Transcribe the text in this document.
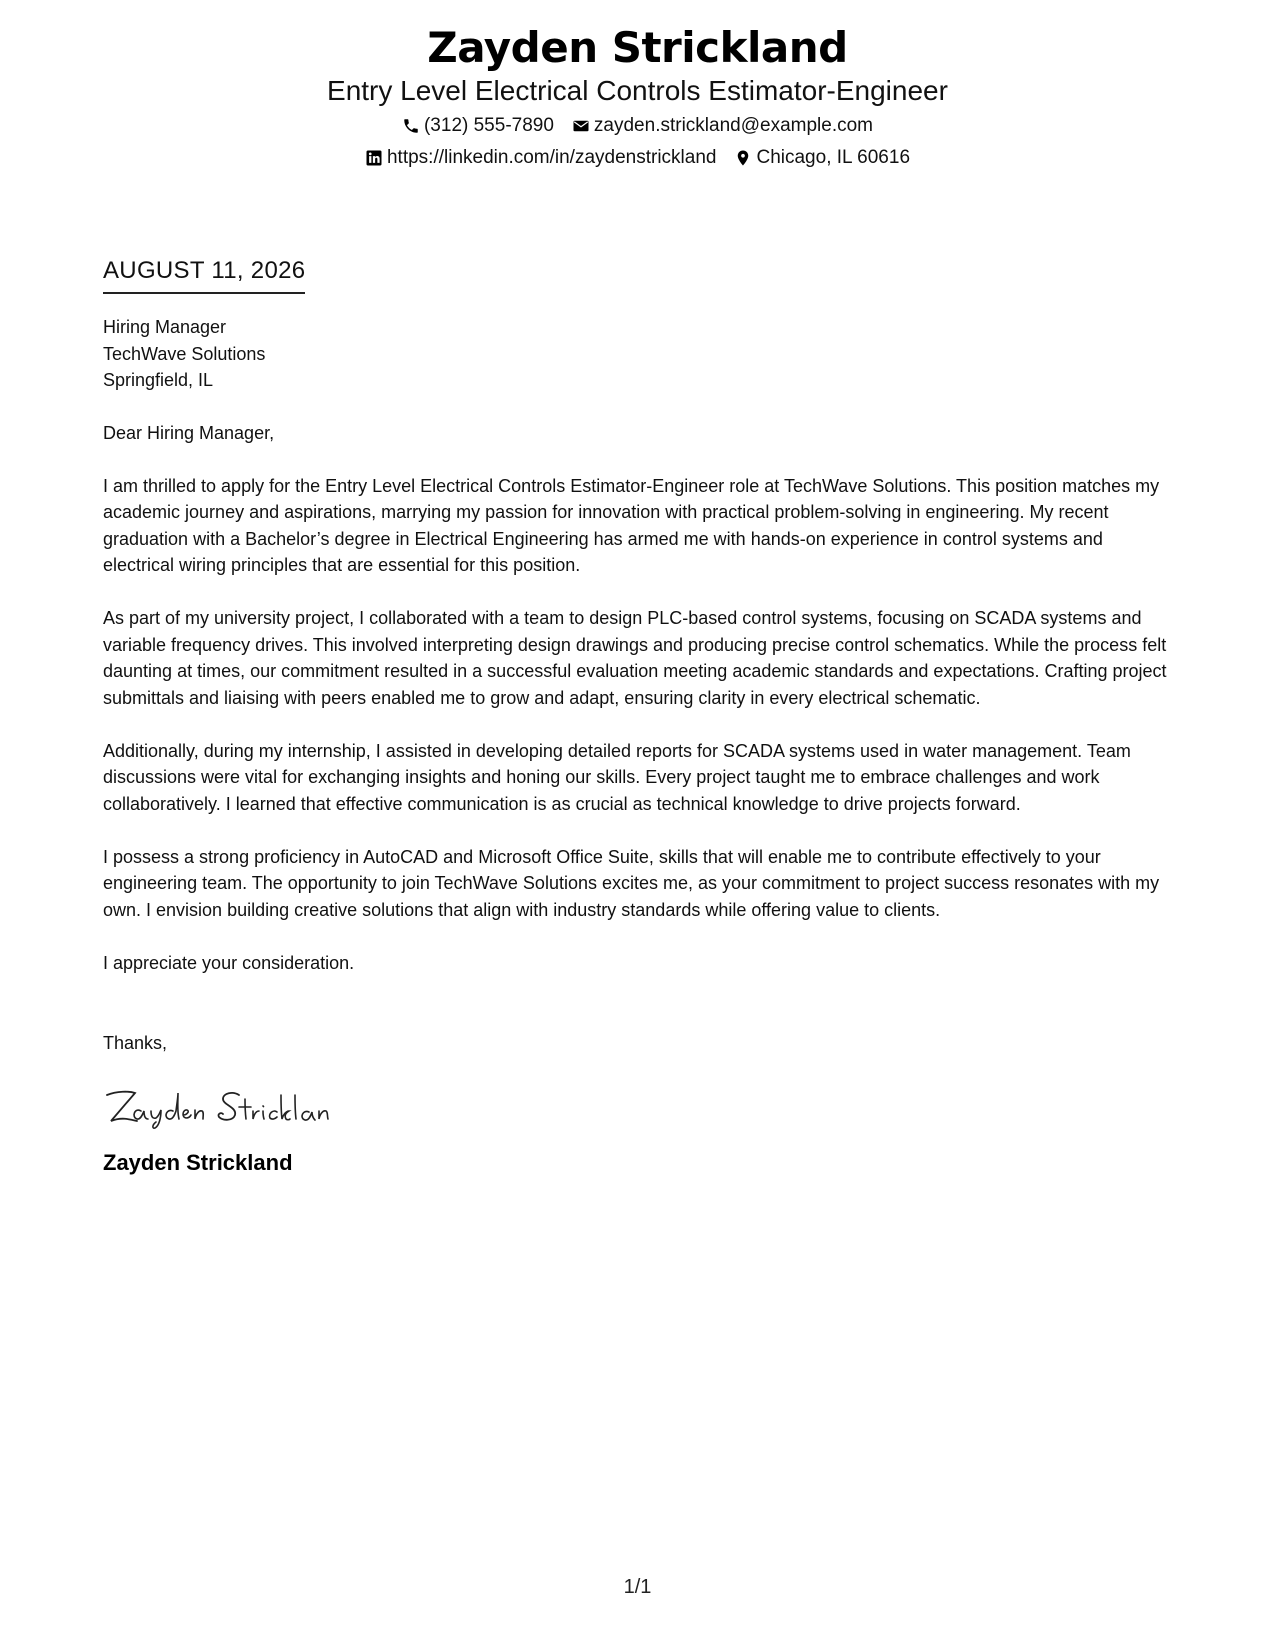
Zayden Strickland
Entry Level Electrical Controls Estimator-Engineer
(312) 555-7890 zayden.strickland@example.com
https://linkedin.com/in/zaydenstrickland Chicago, IL 60616
AUGUST 11, 2026
Hiring Manager
TechWave Solutions
Springfield, IL
Dear Hiring Manager,
I am thrilled to apply for the Entry Level Electrical Controls Estimator-Engineer role at TechWave Solutions. This position matches my academic journey and aspirations, marrying my passion for innovation with practical problem-solving in engineering. My recent graduation with a Bachelor’s degree in Electrical Engineering has armed me with hands-on experience in control systems and electrical wiring principles that are essential for this position.
As part of my university project, I collaborated with a team to design PLC-based control systems, focusing on SCADA systems and variable frequency drives. This involved interpreting design drawings and producing precise control schematics. While the process felt daunting at times, our commitment resulted in a successful evaluation meeting academic standards and expectations. Crafting project submittals and liaising with peers enabled me to grow and adapt, ensuring clarity in every electrical schematic.
Additionally, during my internship, I assisted in developing detailed reports for SCADA systems used in water management. Team discussions were vital for exchanging insights and honing our skills. Every project taught me to embrace challenges and work collaboratively. I learned that effective communication is as crucial as technical knowledge to drive projects forward.
I possess a strong proficiency in AutoCAD and Microsoft Office Suite, skills that will enable me to contribute effectively to your engineering team. The opportunity to join TechWave Solutions excites me, as your commitment to project success resonates with my own. I envision building creative solutions that align with industry standards while offering value to clients.
I appreciate your consideration.
Thanks,
Zayden Strickland
1/1
